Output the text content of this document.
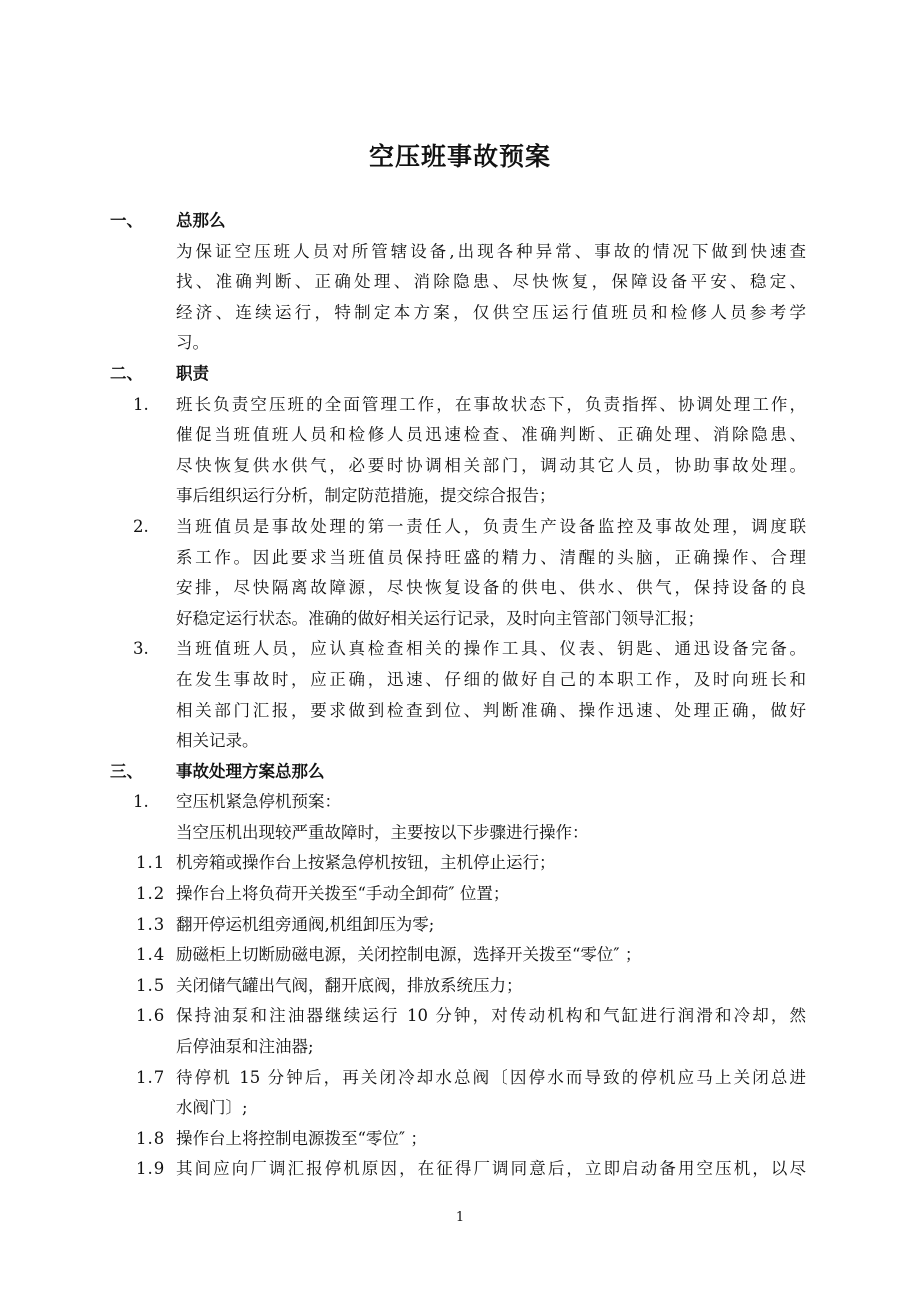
空压班事故预案
一、 总那么
为保证空压班人员对所管辖设备,出现各种异常、事故的情况下做到快速查
找、准确判断、正确处理、消除隐患、尽快恢复，保障设备平安、稳定、
经济、连续运行，特制定本方案，仅供空压运行值班员和检修人员参考学
习。
二、 职责
1.	班长负责空压班的全面管理工作，在事故状态下，负责指挥、协调处理工作，
催促当班值班人员和检修人员迅速检查、准确判断、正确处理、消除隐患、
尽快恢复供水供气，必要时协调相关部门，调动其它人员，协助事故处理。
事后组织运行分析，制定防范措施，提交综合报告；
2.	当班值员是事故处理的第一责任人，负责生产设备监控及事故处理，调度联
系工作。因此要求当班值员保持旺盛的精力、清醒的头脑，正确操作、合理
安排，尽快隔离故障源，尽快恢复设备的供电、供水、供气，保持设备的良
好稳定运行状态。准确的做好相关运行记录，及时向主管部门领导汇报；
3.	当班值班人员，应认真检查相关的操作工具、仪表、钥匙、通迅设备完备。
在发生事故时，应正确，迅速、仔细的做好自己的本职工作，及时向班长和
相关部门汇报，要求做到检查到位、判断准确、操作迅速、处理正确，做好
相关记录。
三、 事故处理方案总那么
1.	空压机紧急停机预案：
当空压机出现较严重故障时，主要按以下步骤进行操作：
1.1 机旁箱或操作台上按紧急停机按钮，主机停止运行；
1.2 操作台上将负荷开关拨至“手动全卸荷″ 位置；
1.3 翻开停运机组旁通阀,机组卸压为零;
1.4 励磁柜上切断励磁电源，关闭控制电源，选择开关拨至“零位″ ；
1.5 关闭储气罐出气阀，翻开底阀，排放系统压力；
1.6 保持油泵和注油器继续运行 10 分钟，对传动机构和气缸进行润滑和冷却，然
后停油泵和注油器;
1.7 待停机 15 分钟后，再关闭冷却水总阀〔因停水而导致的停机应马上关闭总进
水阀门〕;
1.8 操作台上将控制电源拨至“零位″ ；
1.9 其间应向厂调汇报停机原因，在征得厂调同意后，立即启动备用空压机，以尽
1
